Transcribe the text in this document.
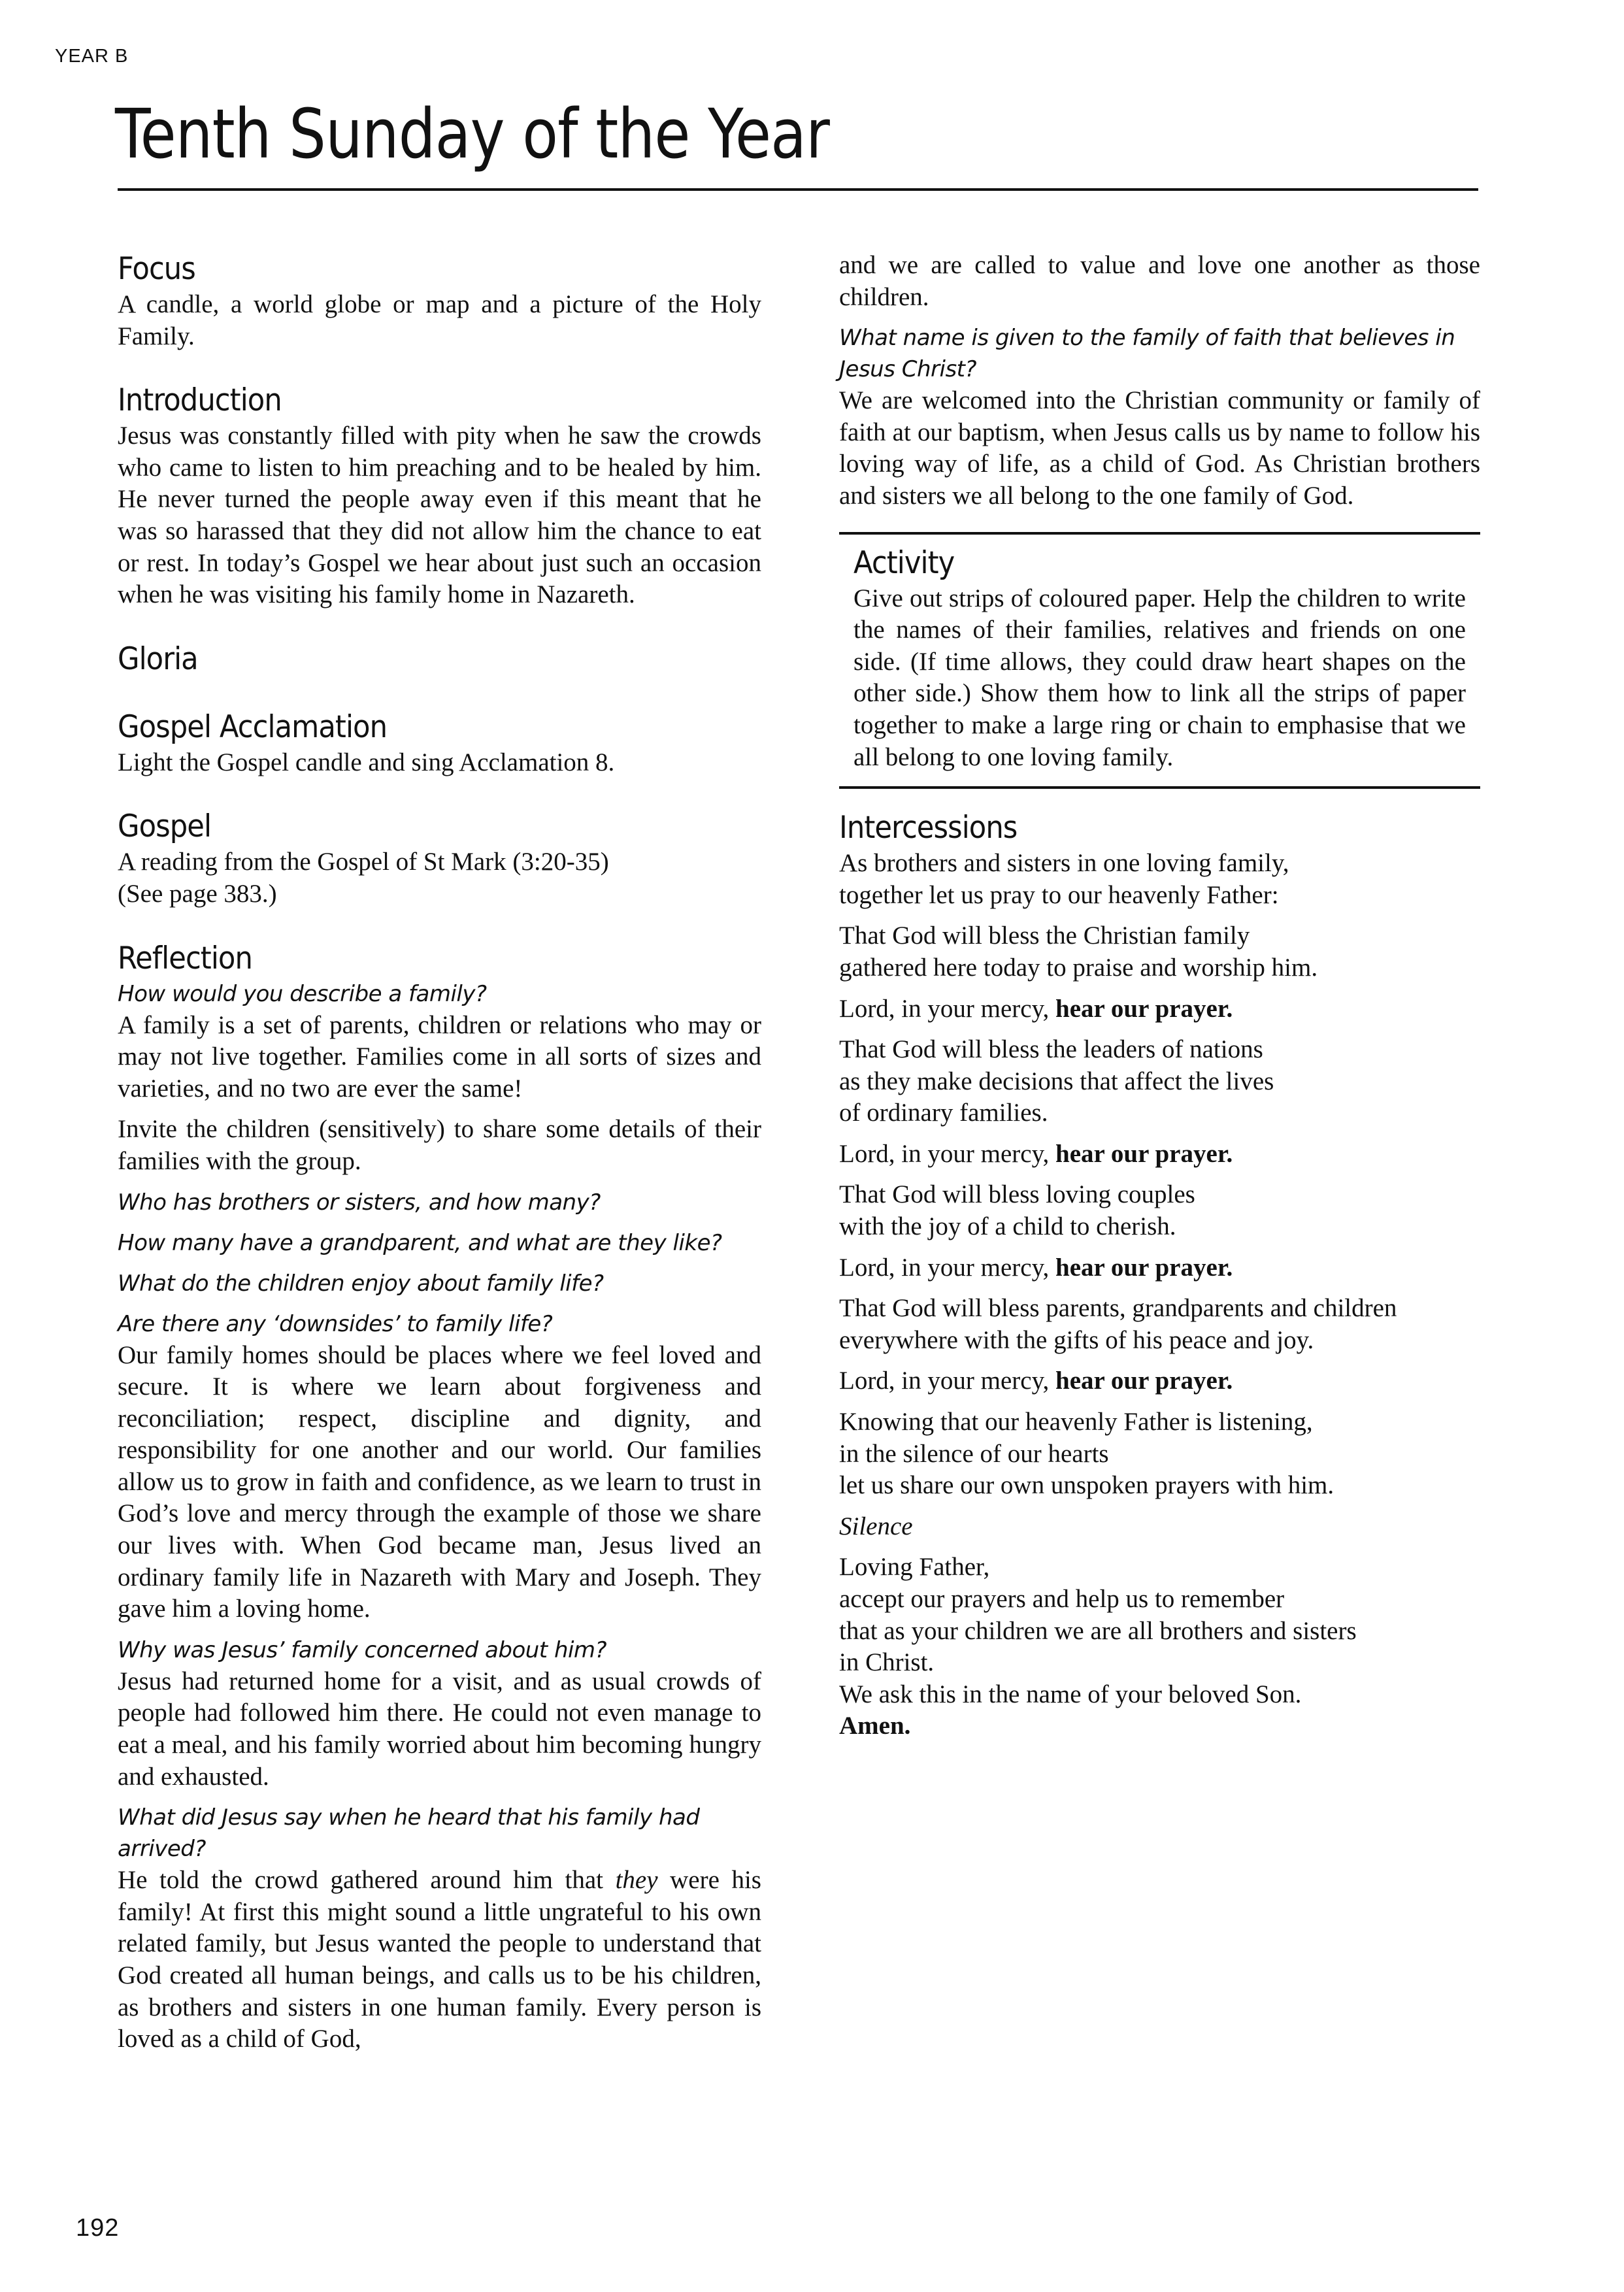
YEAR B
Tenth Sunday of the Year
Focus

A candle, a world globe or map and a picture of the Holy Family.

Introduction

Jesus was constantly filled with pity when he saw the crowds who came to listen to him preaching and to be healed by him. He never turned the people away even if this meant that he was so harassed that they did not allow him the chance to eat or rest. In today’s Gospel we hear about just such an occasion when he was visiting his family home in Nazareth.

Gloria
Gospel Acclamation

Light the Gospel candle and sing Acclamation 8.

Gospel

A reading from the Gospel of St Mark (3:20-35)

(See page 383.)

Reflection

How would you describe a family?

A family is a set of parents, children or relations who may or may not live together. Families come in all sorts of sizes and varieties, and no two are ever the same!

Invite the children (sensitively) to share some details of their families with the group.

Who has brothers or sisters, and how many?

How many have a grandparent, and what are they like?

What do the children enjoy about family life?

Are there any ‘downsides’ to family life?

Our family homes should be places where we feel loved and secure. It is where we learn about forgiveness and reconciliation; respect, discipline and dignity, and responsibility for one another and our world. Our families allow us to grow in faith and confidence, as we learn to trust in God’s love and mercy through the example of those we share our lives with. When God became man, Jesus lived an ordinary family life in Nazareth with Mary and Joseph. They gave him a loving home.

Why was Jesus’ family concerned about him?

Jesus had returned home for a visit, and as usual crowds of people had followed him there. He could not even manage to eat a meal, and his family worried about him becoming hungry and exhausted.

What did Jesus say when he heard that his family had arrived?

He told the crowd gathered around him that they were his family! At first this might sound a little ungrateful to his own related family, but Jesus wanted the people to understand that God created all human beings, and calls us to be his children, as brothers and sisters in one human family. Every person is loved as a child of God,

and we are called to value and love one another as those children.

What name is given to the family of faith that believes in Jesus Christ?

We are welcomed into the Christian community or family of faith at our baptism, when Jesus calls us by name to follow his loving way of life, as a child of God. As Christian brothers and sisters we all belong to the one family of God.

Activity

Give out strips of coloured paper. Help the children to write the names of their families, relatives and friends on one side. (If time allows, they could draw heart shapes on the other side.) Show them how to link all the strips of paper together to make a large ring or chain to emphasise that we all belong to one loving family.

Intercessions
As brothers and sisters in one loving family,
together let us pray to our heavenly Father:
That God will bless the Christian family
gathered here today to praise and worship him.
Lord, in your mercy, hear our prayer.
That God will bless the leaders of nations
as they make decisions that affect the lives
of ordinary families.
Lord, in your mercy, hear our prayer.
That God will bless loving couples
with the joy of a child to cherish.
Lord, in your mercy, hear our prayer.
That God will bless parents, grandparents and children
everywhere with the gifts of his peace and joy.
Lord, in your mercy, hear our prayer.
Knowing that our heavenly Father is listening,
in the silence of our hearts
let us share our own unspoken prayers with him.
Silence
Loving Father,
accept our prayers and help us to remember
that as your children we are all brothers and sisters
in Christ.
We ask this in the name of your beloved Son.
Amen.
192
